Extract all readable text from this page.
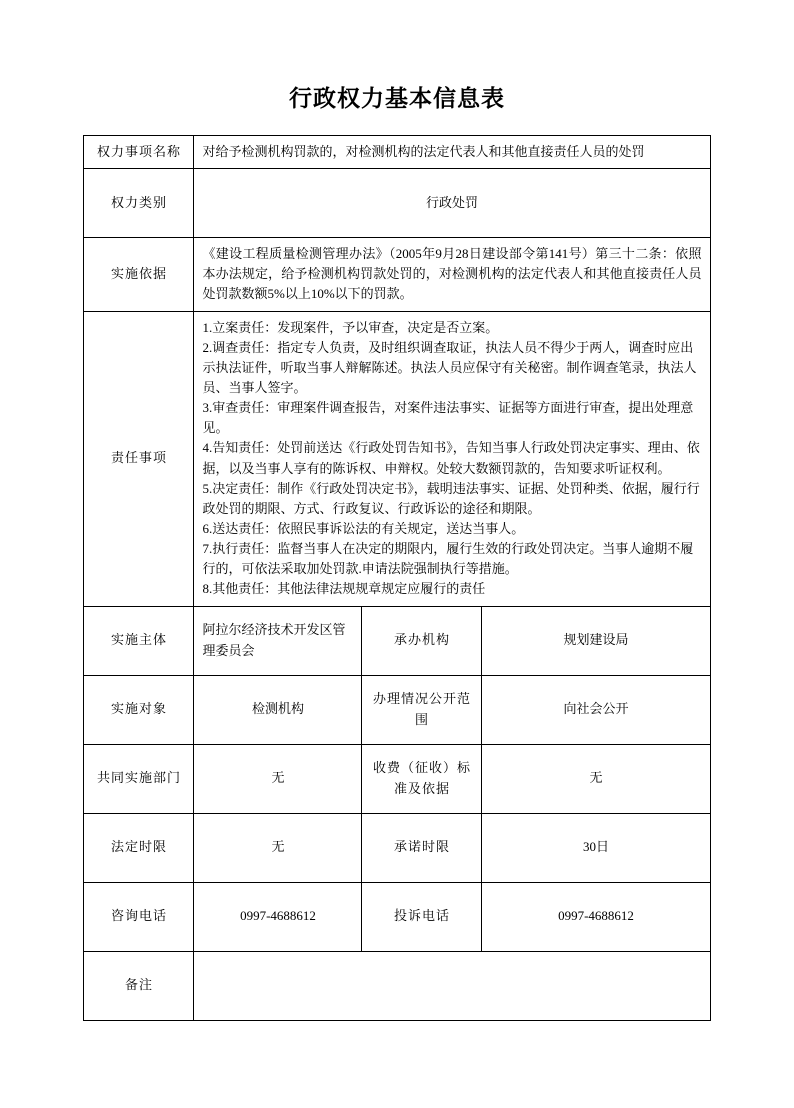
行政权力基本信息表
权力事项名称	对给予检测机构罚款的，对检测机构的法定代表人和其他直接责任人员的处罚		
权力类别	行政处罚		
实施依据	《建设工程质量检测管理办法》（2005年9月28日建设部令第141号）第三十二条：依照本办法规定，给予检测机构罚款处罚的，对检测机构的法定代表人和其他直接责任人员处罚款数额5%以上10%以下的罚款。		
责任事项	

1.立案责任：发现案件，予以审查，决定是否立案。

2.调查责任：指定专人负责，及时组织调查取证，执法人员不得少于两人，调查时应出示执法证件，听取当事人辩解陈述。执法人员应保守有关秘密。制作调查笔录，执法人员、当事人签字。

3.审查责任：审理案件调查报告，对案件违法事实、证据等方面进行审查，提出处理意见。

4.告知责任：处罚前送达《行政处罚告知书》，告知当事人行政处罚决定事实、理由、依据，以及当事人享有的陈诉权、申辩权。处较大数额罚款的，告知要求听证权利。

5.决定责任：制作《行政处罚决定书》，载明违法事实、证据、处罚种类、依据，履行行政处罚的期限、方式、行政复议、行政诉讼的途径和期限。

6.送达责任：依照民事诉讼法的有关规定，送达当事人。

7.执行责任：监督当事人在决定的期限内，履行生效的行政处罚决定。当事人逾期不履行的，可依法采取加处罚款.申请法院强制执行等措施。

8.其他责任：其他法律法规规章规定应履行的责任

实施主体	阿拉尔经济技术开发区管理委员会	承办机构	规划建设局
实施对象	检测机构	办理情况公开范围	向社会公开
共同实施部门	无	收费（征收）标准及依据	无
法定时限	无	承诺时限	30日
咨询电话	0997-4688612	投诉电话	0997-4688612
备注			
